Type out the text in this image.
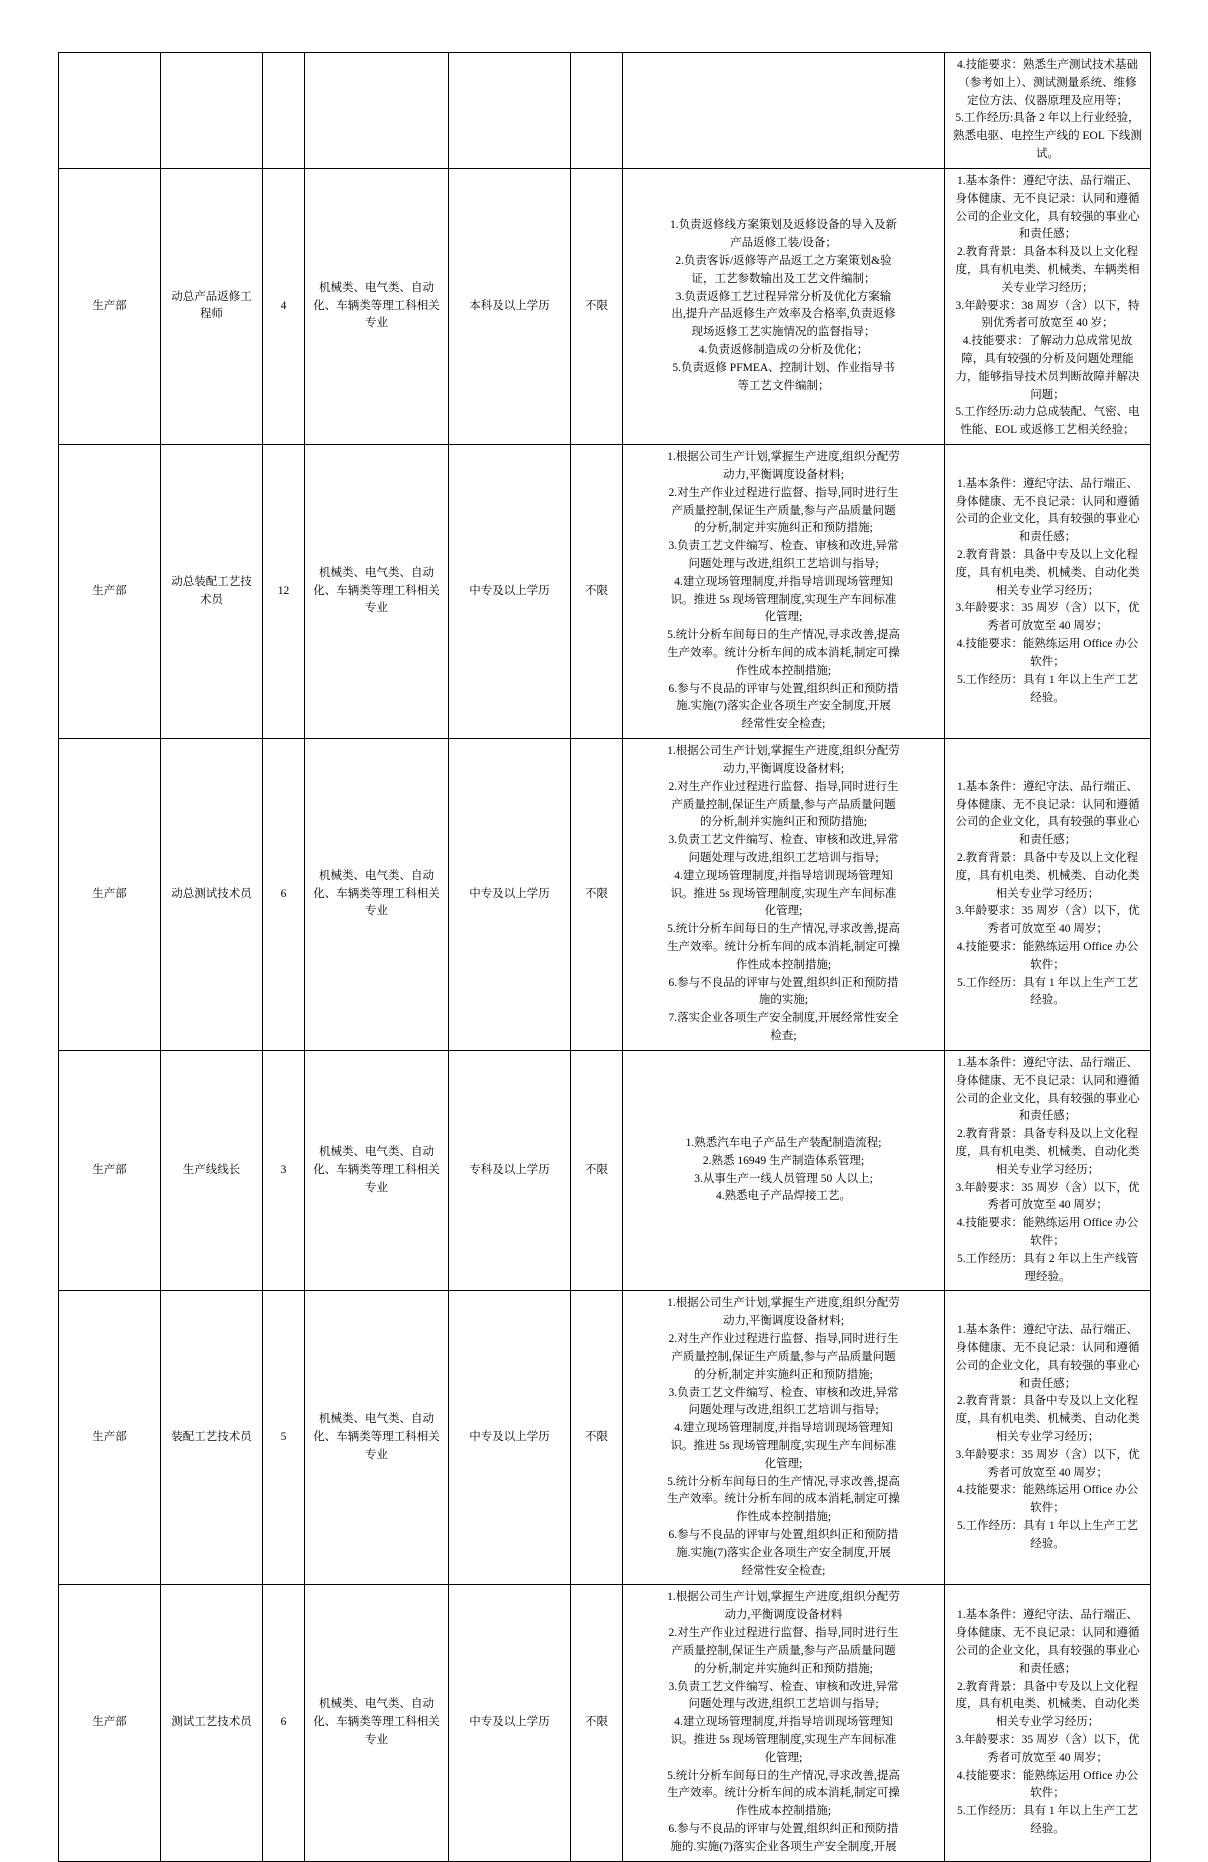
4.技能要求：熟悉生产测试技术基础
（参考如上）、测试测量系统、维修
定位方法、仪器原理及应用等；
5.工作经历:具备 2 年以上行业经验，
熟悉电驱、电控生产线的 EOL 下线测
试。

生产部	动总产品返修工程师	4	机械类、电气类、自动化、车辆类等理工科相关专业	本科及以上学历	不限	
1.负责返修线方案策划及返修设备的导入及新
产品返修工装/设备；
2.负责客诉/返修等产品返工之方案策划&验
证，工艺参数输出及工艺文件编制；
3.负责返修工艺过程异常分析及优化方案输
出,提升产品返修生产效率及合格率,负责返修
现场返修工艺实施情况的监督指导；
4.负责返修制造成の分析及优化；
5.负责返修 PFMEA、控制计划、作业指导书
等工艺文件编制；

1.基本条件：遵纪守法、品行端正、
身体健康、无不良记录：认同和遵循
公司的企业文化，具有较强的事业心
和责任感；
2.教育背景：具备本科及以上文化程
度，具有机电类、机械类、车辆类相
关专业学习经历；
3.年龄要求：38 周岁（含）以下，特
别优秀者可放宽至 40 岁；
4.技能要求：了解动力总成常见故
障，具有较强的分析及问题处理能
力，能够指导技术员判断故障并解决
问题；
5.工作经历:动力总成装配、气密、电
性能、EOL 或返修工艺相关经验；

生产部	动总装配工艺技术员	12	机械类、电气类、自动化、车辆类等理工科相关专业	中专及以上学历	不限	
1.根据公司生产计划,掌握生产进度,组织分配劳
动力,平衡调度设备材料;
2.对生产作业过程进行监督、指导,同时进行生
产质量控制,保证生产质量,参与产品质量问题
的分析,制定并实施纠正和预防措施;
3.负责工艺文件编写、检查、审核和改进,异常
问题处理与改进,组织工艺培训与指导;
4.建立现场管理制度,并指导培训现场管理知
识。推进 5s 现场管理制度,实现生产车间标准
化管理;
5.统计分析车间每日的生产情况,寻求改善,提高
生产效率。统计分析车间的成本消耗,制定可操
作性成本控制措施;
6.参与不良品的评审与处置,组织纠正和预防措
施.实施(7)落实企业各项生产安全制度,开展
经常性安全检查;

1.基本条件：遵纪守法、品行端正、
身体健康、无不良记录：认同和遵循
公司的企业文化，具有较强的事业心
和责任感；
2.教育背景：具备中专及以上文化程
度，具有机电类、机械类、自动化类
相关专业学习经历；
3.年龄要求：35 周岁（含）以下，优
秀者可放宽至 40 周岁；
4.技能要求：能熟练运用 Office 办公
软件；
5.工作经历：具有 1 年以上生产工艺
经验。

生产部	动总测试技术员	6	机械类、电气类、自动化、车辆类等理工科相关专业	中专及以上学历	不限	
1.根据公司生产计划,掌握生产进度,组织分配劳
动力,平衡调度设备材料;
2.对生产作业过程进行监督、指导,同时进行生
产质量控制,保证生产质量,参与产品质量问题
的分析,制并实施纠正和预防措施;
3.负责工艺文件编写、检查、审核和改进,异常
问题处理与改进,组织工艺培训与指导;
4.建立现场管理制度,并指导培训现场管理知
识。推进 5s 现场管理制度,实现生产车间标准
化管理;
5.统计分析车间每日的生产情况,寻求改善,提高
生产效率。统计分析车间的成本消耗,制定可操
作性成本控制措施;
6.参与不良品的评审与处置,组织纠正和预防措
施的实施;
7.落实企业各项生产安全制度,开展经常性安全
检查;

1.基本条件：遵纪守法、品行端正、
身体健康、无不良记录：认同和遵循
公司的企业文化，具有较强的事业心
和责任感；
2.教育背景：具备中专及以上文化程
度，具有机电类、机械类、自动化类
相关专业学习经历；
3.年龄要求：35 周岁（含）以下，优
秀者可放宽至 40 周岁；
4.技能要求：能熟练运用 Office 办公
软件；
5.工作经历：具有 1 年以上生产工艺
经验。

生产部	生产线线长	3	机械类、电气类、自动化、车辆类等理工科相关专业	专科及以上学历	不限	
1.熟悉汽车电子产品生产装配制造流程;
2.熟悉 16949 生产制造体系管理;
3.从事生产一线人员管理 50 人以上;
4.熟悉电子产品焊接工艺。

1.基本条件：遵纪守法、品行端正、
身体健康、无不良记录：认同和遵循
公司的企业文化，具有较强的事业心
和责任感；
2.教育背景：具备专科及以上文化程
度，具有机电类、机械类、自动化类
相关专业学习经历；
3.年龄要求：35 周岁（含）以下，优
秀者可放宽至 40 周岁；
4.技能要求：能熟练运用 Office 办公
软件；
5.工作经历：具有 2 年以上生产线管
理经验。

生产部	装配工艺技术员	5	机械类、电气类、自动化、车辆类等理工科相关专业	中专及以上学历	不限	
1.根据公司生产计划,掌握生产进度,组织分配劳
动力,平衡调度设备材料;
2.对生产作业过程进行监督、指导,同时进行生
产质量控制,保证生产质量,参与产品质量问题
的分析,制定并实施纠正和预防措施;
3.负责工艺文件编写、检查、审核和改进,异常
问题处理与改进,组织工艺培训与指导;
4.建立现场管理制度,并指导培训现场管理知
识。推进 5s 现场管理制度,实现生产车间标准
化管理;
5.统计分析车间每日的生产情况,寻求改善,提高
生产效率。统计分析车间的成本消耗,制定可操
作性成本控制措施;
6.参与不良品的评审与处置,组织纠正和预防措
施.实施(7)落实企业各项生产安全制度,开展
经常性安全检查;

1.基本条件：遵纪守法、品行端正、
身体健康、无不良记录：认同和遵循
公司的企业文化，具有较强的事业心
和责任感；
2.教育背景：具备中专及以上文化程
度，具有机电类、机械类、自动化类
相关专业学习经历；
3.年龄要求：35 周岁（含）以下，优
秀者可放宽至 40 周岁；
4.技能要求：能熟练运用 Office 办公
软件；
5.工作经历：具有 1 年以上生产工艺
经验。

生产部	测试工艺技术员	6	机械类、电气类、自动化、车辆类等理工科相关专业	中专及以上学历	不限	
1.根据公司生产计划,掌握生产进度,组织分配劳
动力,平衡调度设备材料
2.对生产作业过程进行监督、指导,同时进行生
产质量控制,保证生产质量,参与产品质量问题
的分析,制定并实施纠正和预防措施;
3.负责工艺文件编写、检查、审核和改进,异常
问题处理与改进,组织工艺培训与指导;
4.建立现场管理制度,并指导培训现场管理知
识。推进 5s 现场管理制度,实现生产车间标准
化管理;
5.统计分析车间每日的生产情况,寻求改善,提高
生产效率。统计分析车间的成本消耗,制定可操
作性成本控制措施;
6.参与不良品的评审与处置,组织纠正和预防措
施的.实施(7)落实企业各项生产安全制度,开展

1.基本条件：遵纪守法、品行端正、
身体健康、无不良记录：认同和遵循
公司的企业文化，具有较强的事业心
和责任感；
2.教育背景：具备中专及以上文化程
度，具有机电类、机械类、自动化类
相关专业学习经历；
3.年龄要求：35 周岁（含）以下，优
秀者可放宽至 40 周岁；
4.技能要求：能熟练运用 Office 办公
软件；
5.工作经历：具有 1 年以上生产工艺
经验。
